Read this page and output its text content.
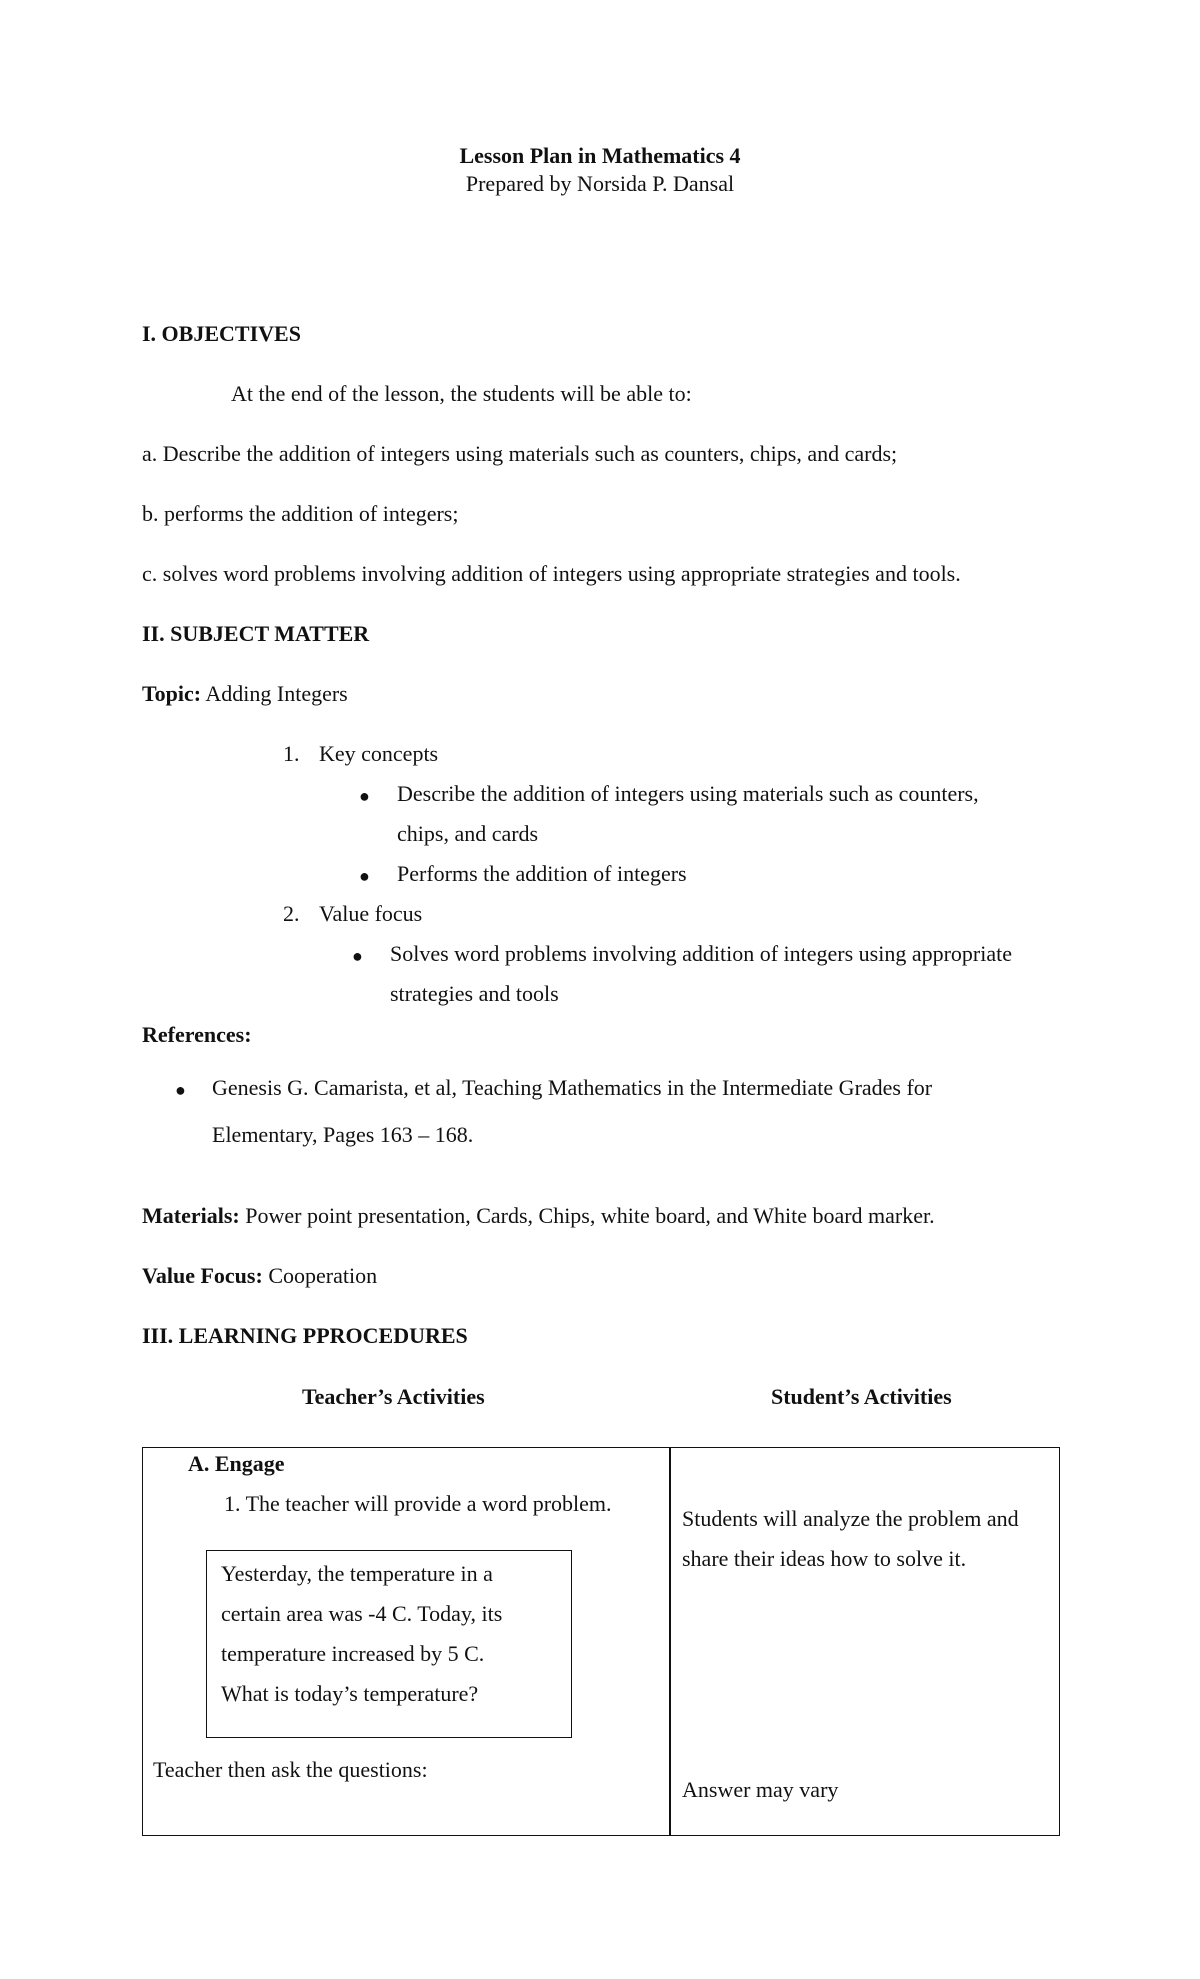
Lesson Plan in Mathematics 4
Prepared by Norsida P. Dansal
I. OBJECTIVES
At the end of the lesson, the students will be able to:
a. Describe the addition of integers using materials such as counters, chips, and cards;
b. performs the addition of integers;
c. solves word problems involving addition of integers using appropriate strategies and tools.
II. SUBJECT MATTER
Topic: Adding Integers
1. Key concepts
● Describe the addition of integers using materials such as counters,
chips, and cards
● Performs the addition of integers
2. Value focus
● Solves word problems involving addition of integers using appropriate
strategies and tools
References:
● Genesis G. Camarista, et al, Teaching Mathematics in the Intermediate Grades for
Elementary, Pages 163 – 168.
Materials: Power point presentation, Cards, Chips, white board, and White board marker.
Value Focus: Cooperation
III. LEARNING PPROCEDURES
Teacher’s Activities	Student’s Activities
A. Engage
1. The teacher will provide a word problem.
Yesterday, the temperature in a
certain area was -4 C. Today, its
temperature increased by 5 C.
What is today’s temperature?
Teacher then ask the questions:
Students will analyze the problem and
share their ideas how to solve it.
Answer may vary
